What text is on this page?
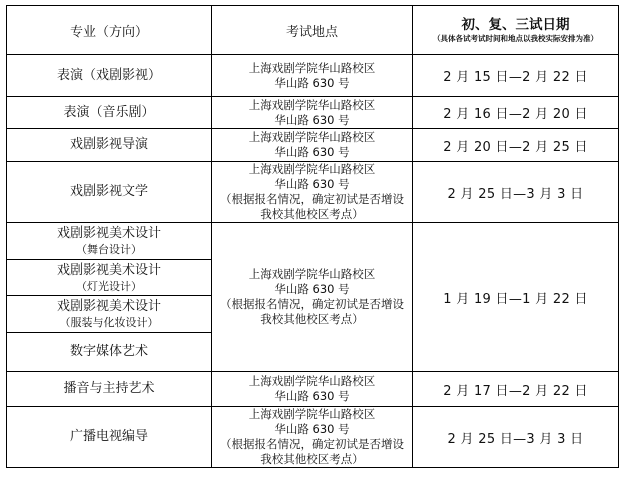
专业（方向）	考试地点	初、复、三试日期
（具体各试考试时间和地点以我校实际安排为准）

表演（戏剧影视）	上海戏剧学院华山路校区
华山路 630 号	2 月 15 日—2 月 22 日
表演（音乐剧）	上海戏剧学院华山路校区
华山路 630 号	2 月 16 日—2 月 20 日
戏剧影视导演	上海戏剧学院华山路校区
华山路 630 号	2 月 20 日—2 月 25 日
戏剧影视文学	上海戏剧学院华山路校区
华山路 630 号
（根据报名情况，确定初试是否增设
我校其他校区考点）	2 月 25 日—3 月 3 日

戏剧影视美术设计
（舞台设计）	上海戏剧学院华山路校区
华山路 630 号
（根据报名情况，确定初试是否增设
我校其他校区考点）	1 月 19 日—1 月 22 日

戏剧影视美术设计
（灯光设计）		

戏剧影视美术设计
（服装与化妆设计）		

数字媒体艺术		
播音与主持艺术	上海戏剧学院华山路校区
华山路 630 号	2 月 17 日—2 月 22 日
广播电视编导	上海戏剧学院华山路校区
华山路 630 号
（根据报名情况，确定初试是否增设
我校其他校区考点）	2 月 25 日—3 月 3 日
